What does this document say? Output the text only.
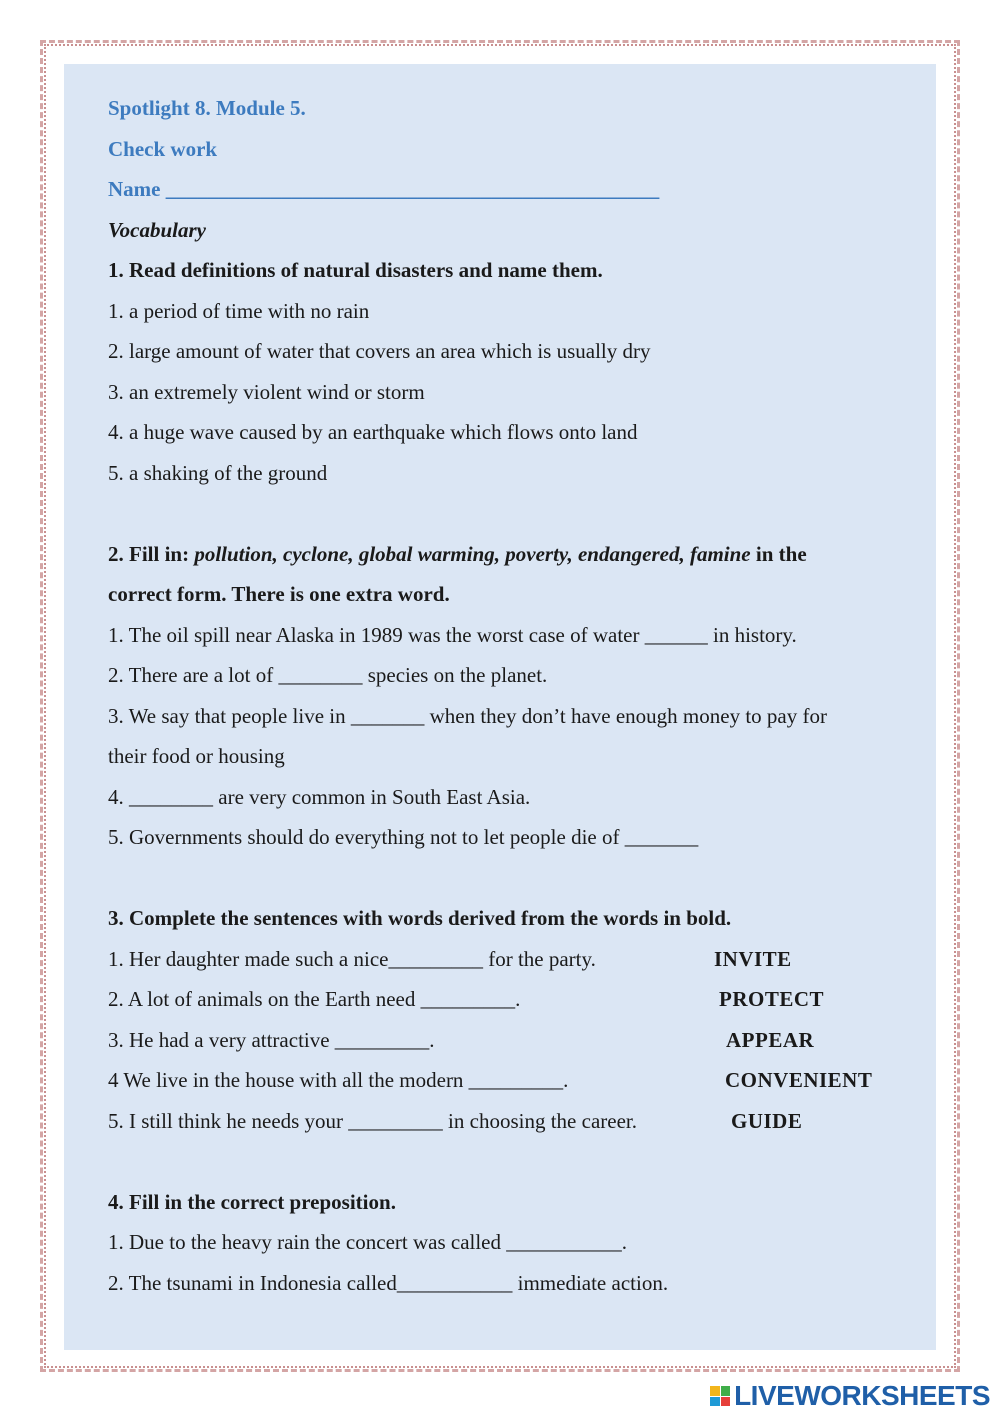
Spotlight 8. Module 5.
Check work
Name _______________________________________________
Vocabulary
1. Read definitions of natural disasters and name them.
1. a period of time with no rain
2. large amount of water that covers an area which is usually dry
3. an extremely violent wind or storm
4. a huge wave caused by an earthquake which flows onto land
5. a shaking of the ground
2. Fill in: pollution, cyclone, global warming, poverty, endangered, famine in the
correct form. There is one extra word.
1. The oil spill near Alaska in 1989 was the worst case of water ______ in history.
2. There are a lot of ________ species on the planet.
3. We say that people live in _______ when they don’t have enough money to pay for
their food or housing
4. ________ are very common in South East Asia.
5. Governments should do everything not to let people die of _______
3. Complete the sentences with words derived from the words in bold.
1. Her daughter made such a nice_________ for the party.	INVITE
2. A lot of animals on the Earth need _________.	PROTECT
3. He had a very attractive _________.	APPEAR
4 We live in the house with all the modern _________.	CONVENIENT
5. I still think he needs your _________ in choosing the career.	GUIDE
4. Fill in the correct preposition.
1. Due to the heavy rain the concert was called ___________.
2. The tsunami in Indonesia called___________ immediate action.
LIVEWORKSHEETS
